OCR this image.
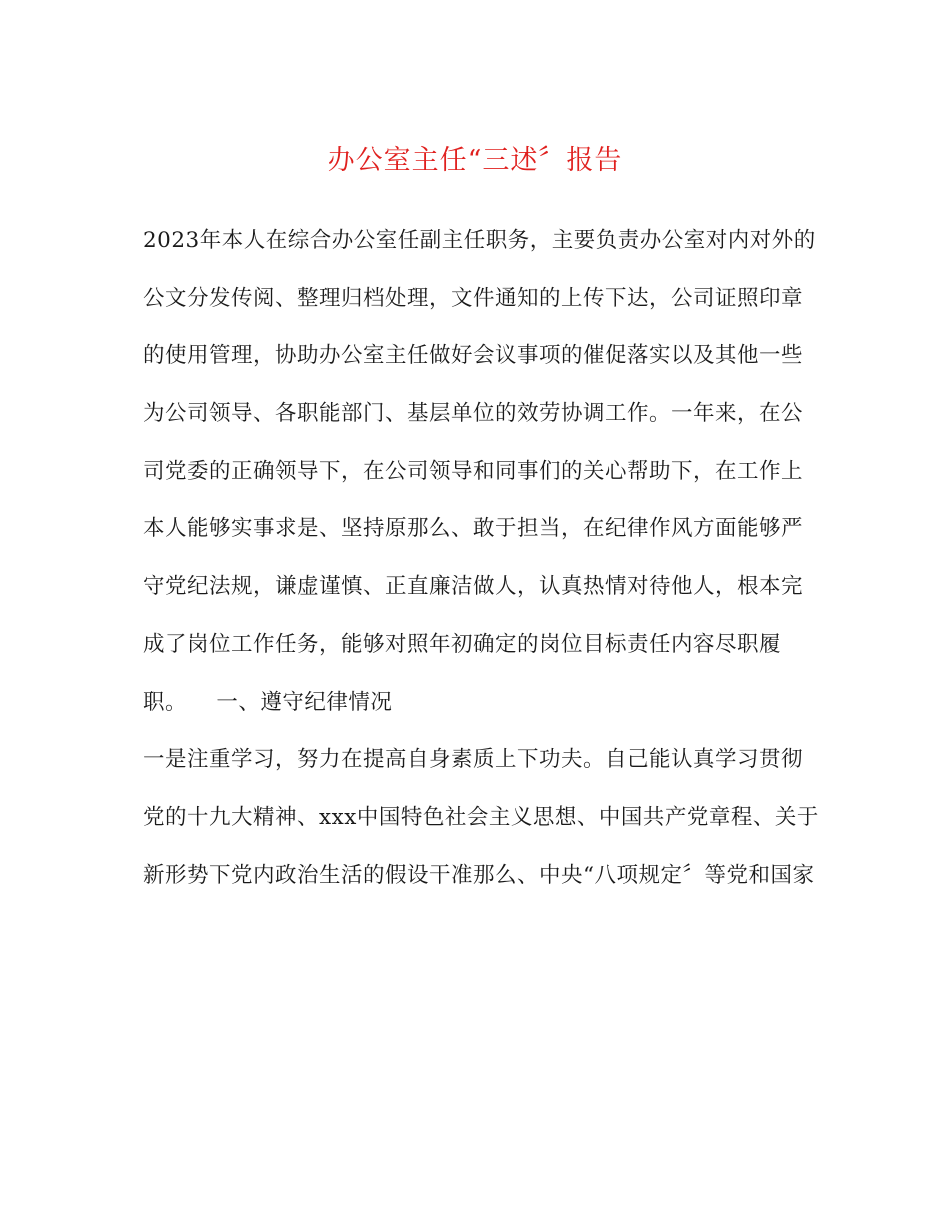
办公室主任“三述〞报告
2023年本人在综合办公室任副主任职务，主要负责办公室对内对外的
公文分发传阅、整理归档处理，文件通知的上传下达，公司证照印章
的使用管理，协助办公室主任做好会议事项的催促落实以及其他一些
为公司领导、各职能部门、基层单位的效劳协调工作。一年来，在公
司党委的正确领导下，在公司领导和同事们的关心帮助下，在工作上
本人能够实事求是、坚持原那么、敢于担当，在纪律作风方面能够严
守党纪法规，谦虚谨慎、正直廉洁做人，认真热情对待他人，根本完
成了岗位工作任务，能够对照年初确定的岗位目标责任内容尽职履
职。    一、遵守纪律情况
一是注重学习，努力在提高自身素质上下功夫。自己能认真学习贯彻
党的十九大精神、xxx中国特色社会主义思想、中国共产党章程、关于
新形势下党内政治生活的假设干准那么、中央“八项规定〞等党和国家
